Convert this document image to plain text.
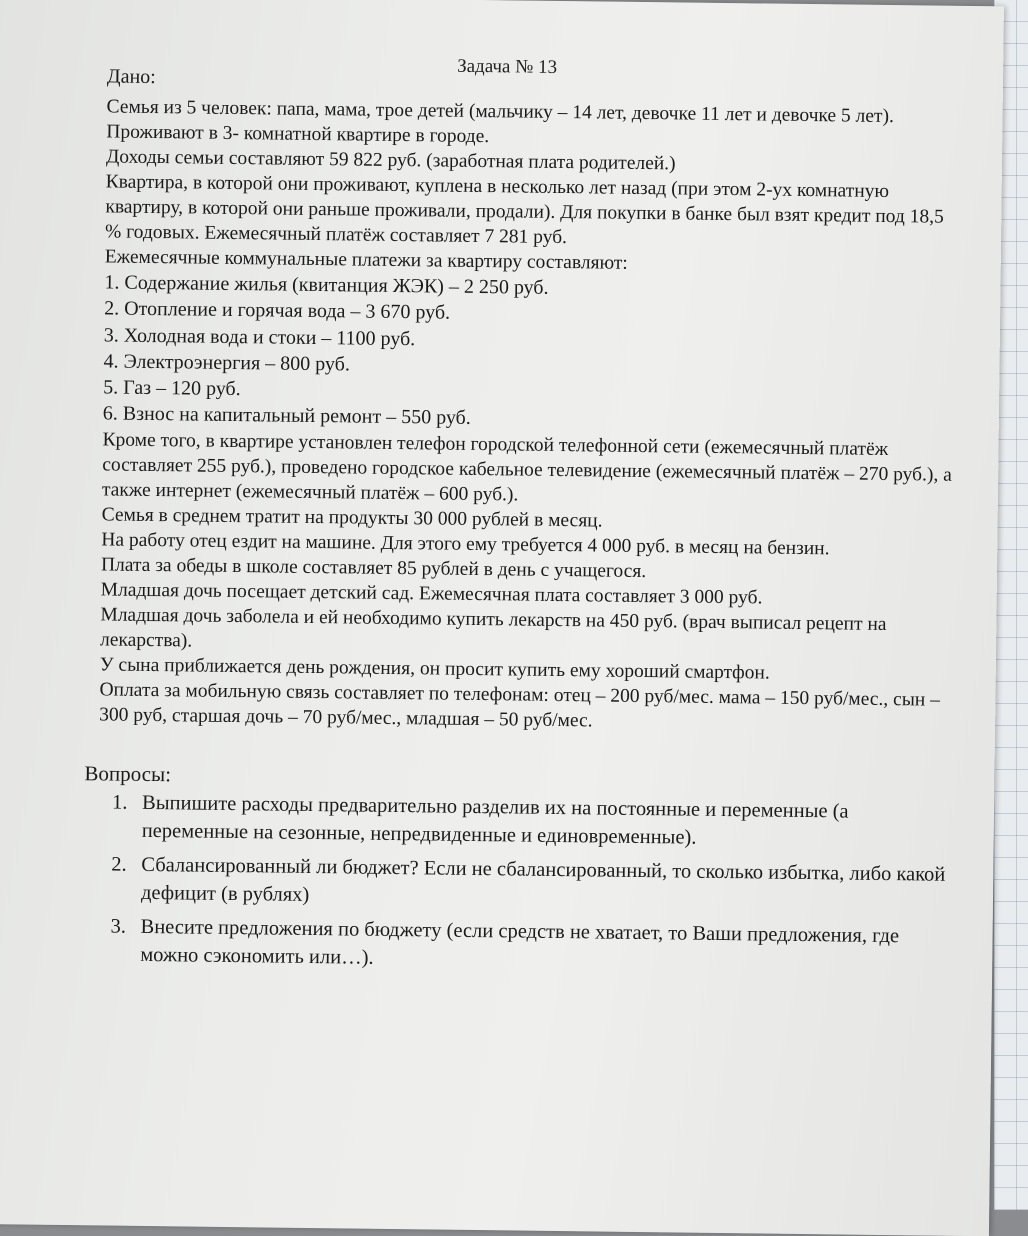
Задача № 13
Дано:

Семья из 5 человек: папа, мама, трое детей (мальчику – 14 лет, девочке 11 лет и девочке 5 лет). Проживают в 3- комнатной квартире в городе.

Доходы семьи составляют 59 822 руб. (заработная плата родителей.)

Квартира, в которой они проживают, куплена в несколько лет назад (при этом 2-ух комнатную квартиру, в которой они раньше проживали, продали). Для покупки в банке был взят кредит под 18,5 % годовых. Ежемесячный платёж составляет 7 281 руб.

Ежемесячные коммунальные платежи за квартиру составляют:

1. Содержание жилья (квитанция ЖЭК) – 2 250 руб.
2. Отопление и горячая вода – 3 670 руб.
3. Холодная вода и стоки – 1100 руб.
4. Электроэнергия – 800 руб.
5. Газ – 120 руб.
6. Взнос на капитальный ремонт – 550 руб.

Кроме того, в квартире установлен телефон городской телефонной сети (ежемесячный платёж составляет 255 руб.), проведено городское кабельное телевидение (ежемесячный платёж – 270 руб.), а также интернет (ежемесячный платёж – 600 руб.).

Семья в среднем тратит на продукты 30 000 рублей в месяц.

На работу отец ездит на машине. Для этого ему требуется 4 000 руб. в месяц на бензин.

Плата за обеды в школе составляет 85 рублей в день с учащегося.

Младшая дочь посещает детский сад. Ежемесячная плата составляет 3 000 руб.

Младшая дочь заболела и ей необходимо купить лекарств на 450 руб. (врач выписал рецепт на лекарства).

У сына приближается день рождения, он просит купить ему хороший смартфон.

Оплата за мобильную связь составляет по телефонам: отец – 200 руб/мес. мама – 150 руб/мес., сын – 300 руб, старшая дочь – 70 руб/мес., младшая – 50 руб/мес.

Вопросы:
1. Выпишите расходы предварительно разделив их на постоянные и переменные (а переменные на сезонные, непредвиденные и единовременные).
2. Сбалансированный ли бюджет? Если не сбалансированный, то сколько избытка, либо какой дефицит (в рублях)
3. Внесите предложения по бюджету (если средств не хватает, то Ваши предложения, где можно сэкономить или…).
